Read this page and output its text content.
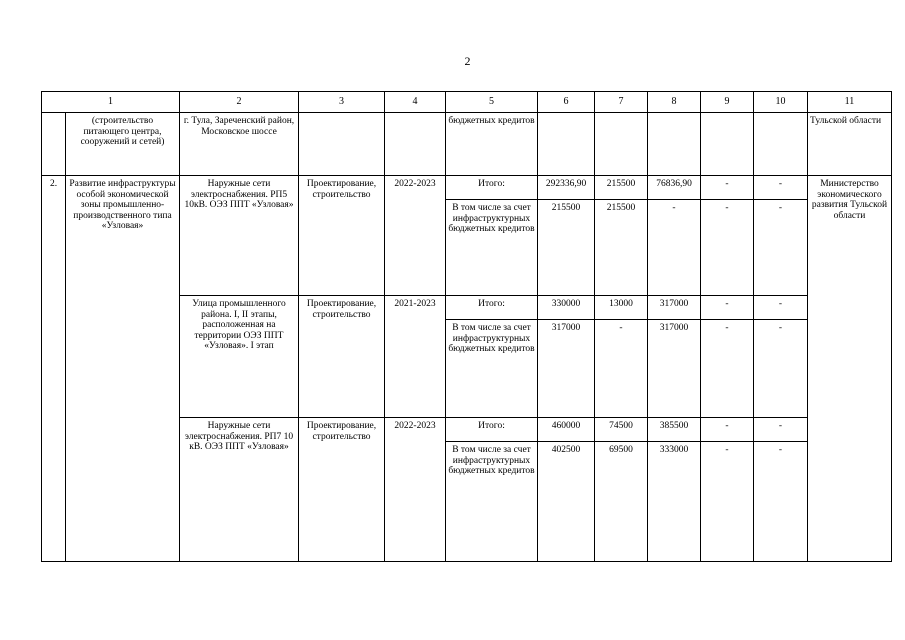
2
1		2	3	4	5	6	7	8	9	10	11
	(строительство питающего центра, сооружений и сетей)	г. Тула, Зареченский район, Московское шоссе			бюджетных кредитов						Тульской области
2.	Развитие инфраструктуры особой экономической зоны промышленно-производственного типа «Узловая»	Наружные сети электроснабжения. РП5 10кВ. ОЭЗ ППТ «Узловая»	Проектирование, строительство	2022-2023	Итого:	292336,90	215500	76836,90	-	-	Министерство экономического развития Тульской области
					В том числе за счет инфраструктурных бюджетных кредитов	215500	215500	-	-	-	
		Улица промышленного района. I, II этапы, расположенная на территории ОЭЗ ППТ «Узловая». I этап	Проектирование, строительство	2021-2023	Итого:	330000	13000	317000	-	-	
					В том числе за счет инфраструктурных бюджетных кредитов	317000	-	317000	-	-	
		Наружные сети электроснабжения. РП7 10 кВ. ОЭЗ ППТ «Узловая»	Проектирование, строительство	2022-2023	Итого:	460000	74500	385500	-	-	
					В том числе за счет инфраструктурных бюджетных кредитов	402500	69500	333000	-	-	
